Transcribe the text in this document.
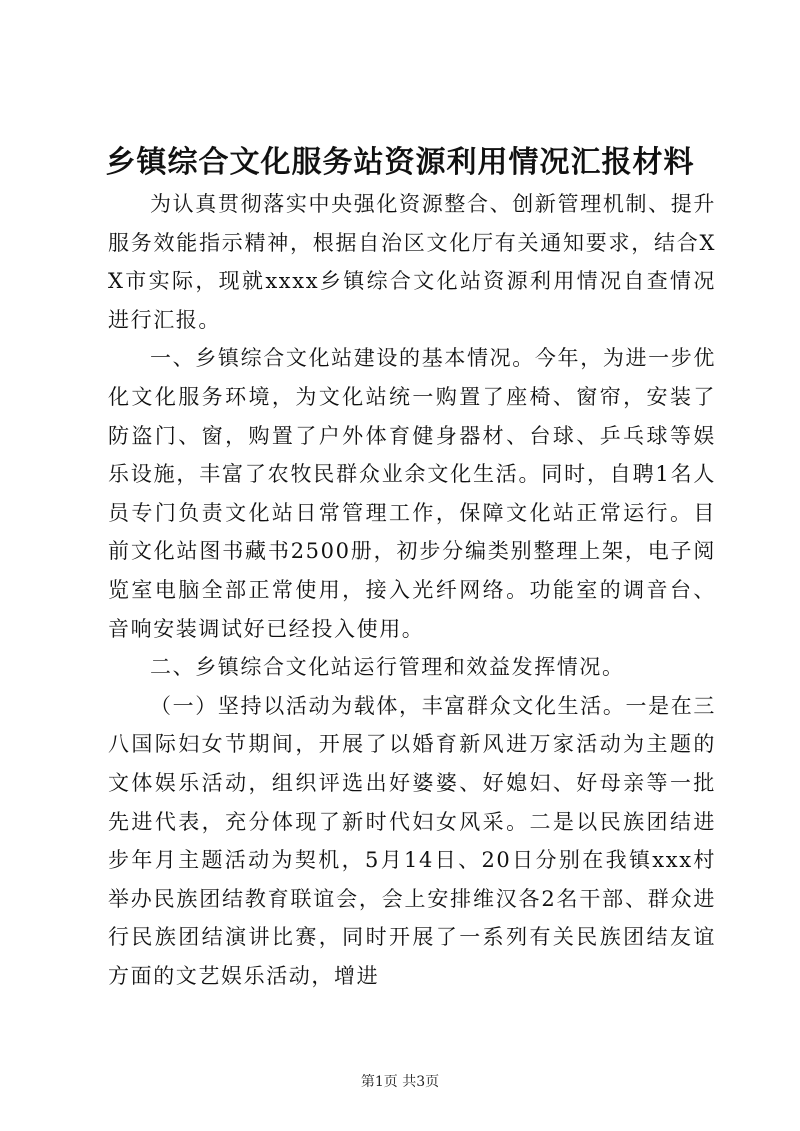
乡镇综合文化服务站资源利用情况汇报材料

为认真贯彻落实中央强化资源整合、创新管理机制、提升服务效能指示精神，根据自治区文化厅有关通知要求，结合XX市实际，现就xxxx乡镇综合文化站资源利用情况自查情况进行汇报。

一、乡镇综合文化站建设的基本情况。今年，为进一步优化文化服务环境，为文化站统一购置了座椅、窗帘，安装了防盗门、窗，购置了户外体育健身器材、台球、乒乓球等娱乐设施，丰富了农牧民群众业余文化生活。同时，自聘1名人员专门负责文化站日常管理工作，保障文化站正常运行。目前文化站图书藏书2500册，初步分编类别整理上架，电子阅览室电脑全部正常使用，接入光纤网络。功能室的调音台、音响安装调试好已经投入使用。

二、乡镇综合文化站运行管理和效益发挥情况。

（一）坚持以活动为载体，丰富群众文化生活。一是在三八国际妇女节期间，开展了以婚育新风进万家活动为主题的文体娱乐活动，组织评选出好婆婆、好媳妇、好母亲等一批先进代表，充分体现了新时代妇女风采。二是以民族团结进步年月主题活动为契机，5月14日、20日分别在我镇xxx村举办民族团结教育联谊会，会上安排维汉各2名干部、群众进行民族团结演讲比赛，同时开展了一系列有关民族团结友谊方面的文艺娱乐活动，增进

第1页 共3页
